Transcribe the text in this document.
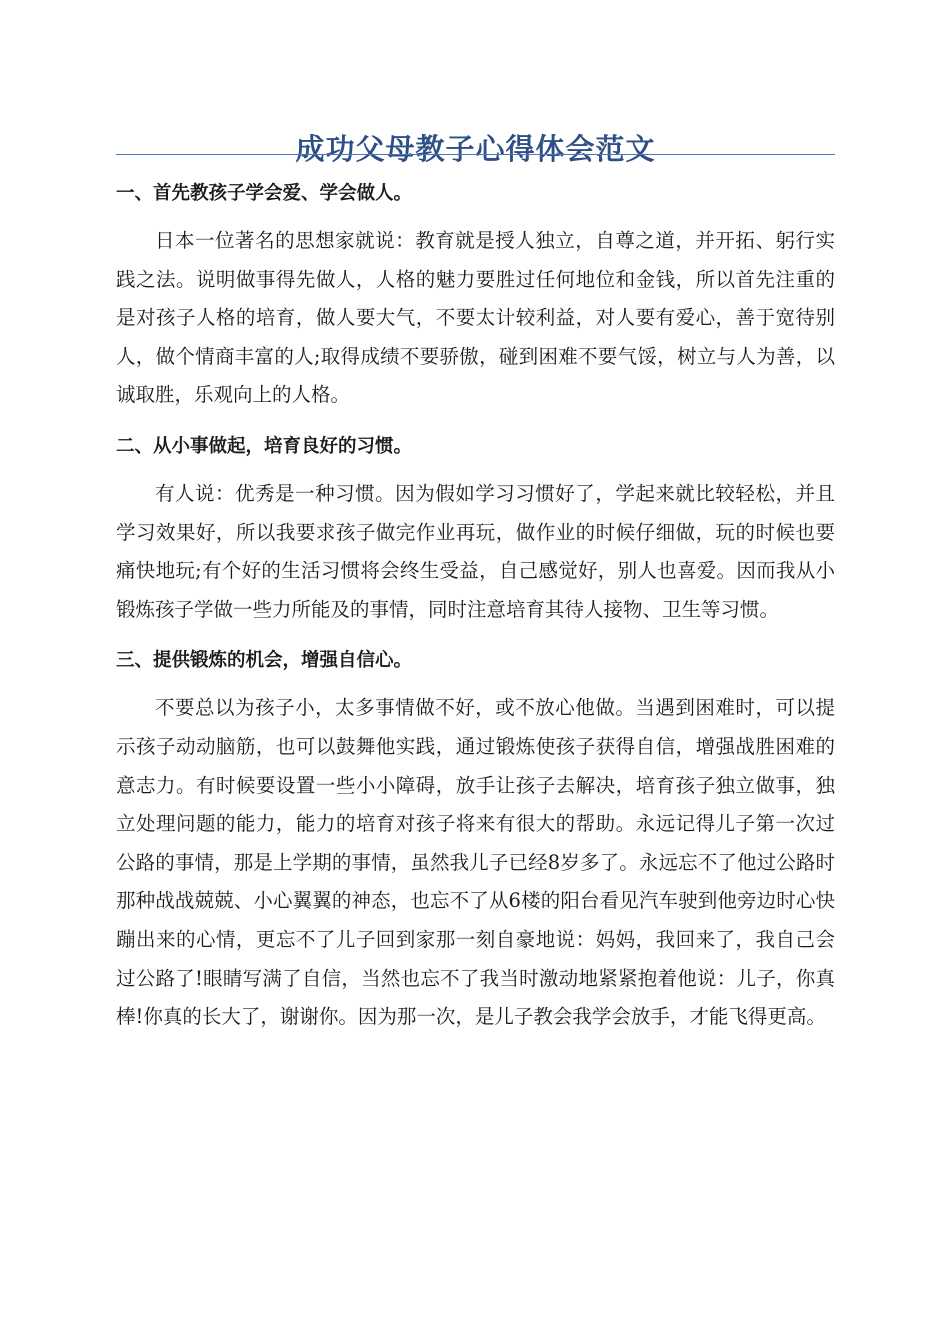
成功父母教子心得体会范文
一、首先教孩子学会爱、学会做人。

日本一位著名的思想家就说：教育就是授人独立，自尊之道，并开拓、躬行实践之法。说明做事得先做人，人格的魅力要胜过任何地位和金钱，所以首先注重的是对孩子人格的培育，做人要大气，不要太计较利益，对人要有爱心，善于宽待别人，做个情商丰富的人;取得成绩不要骄傲，碰到困难不要气馁，树立与人为善，以诚取胜，乐观向上的人格。

二、从小事做起，培育良好的习惯。

有人说：优秀是一种习惯。因为假如学习习惯好了，学起来就比较轻松，并且学习效果好，所以我要求孩子做完作业再玩，做作业的时候仔细做，玩的时候也要痛快地玩;有个好的生活习惯将会终生受益，自己感觉好，别人也喜爱。因而我从小锻炼孩子学做一些力所能及的事情，同时注意培育其待人接物、卫生等习惯。

三、提供锻炼的机会，增强自信心。

不要总以为孩子小，太多事情做不好，或不放心他做。当遇到困难时，可以提示孩子动动脑筋，也可以鼓舞他实践，通过锻炼使孩子获得自信，增强战胜困难的意志力。有时候要设置一些小小障碍，放手让孩子去解决，培育孩子独立做事，独立处理问题的能力，能力的培育对孩子将来有很大的帮助。永远记得儿子第一次过公路的事情，那是上学期的事情，虽然我儿子已经8岁多了。永远忘不了他过公路时那种战战兢兢、小心翼翼的神态，也忘不了从6楼的阳台看见汽车驶到他旁边时心快蹦出来的心情，更忘不了儿子回到家那一刻自豪地说：妈妈，我回来了，我自己会过公路了!眼睛写满了自信，当然也忘不了我当时激动地紧紧抱着他说：儿子，你真棒!你真的长大了，谢谢你。因为那一次，是儿子教会我学会放手，才能飞得更高。
